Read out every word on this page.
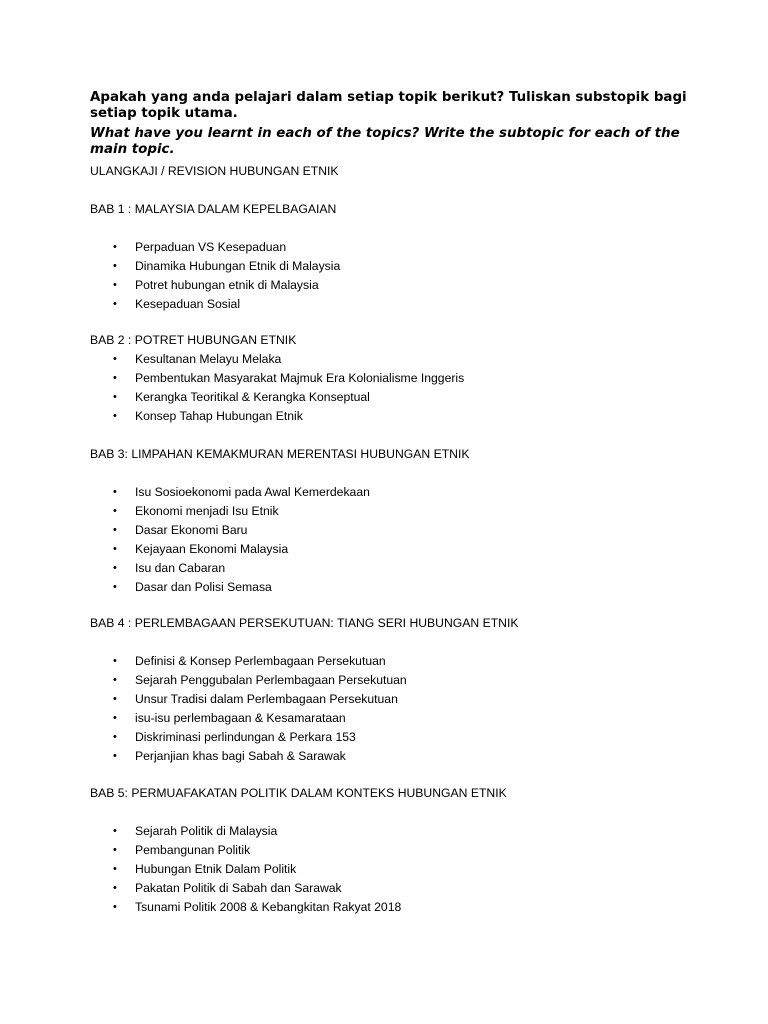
Apakah yang anda pelajari dalam setiap topik berikut? Tuliskan substopik bagi setiap topik utama.

What have you learnt in each of the topics? Write the subtopic for each of the main topic.

ULANGKAJI / REVISION HUBUNGAN ETNIK
BAB 1 : MALAYSIA DALAM KEPELBAGAIAN
• Perpaduan VS Kesepaduan
• Dinamika Hubungan Etnik di Malaysia
• Potret hubungan etnik di Malaysia
• Kesepaduan Sosial
BAB 2 : POTRET HUBUNGAN ETNIK
• Kesultanan Melayu Melaka
• Pembentukan Masyarakat Majmuk Era Kolonialisme Inggeris
• Kerangka Teoritikal & Kerangka Konseptual
• Konsep Tahap Hubungan Etnik
BAB 3: LIMPAHAN KEMAKMURAN MERENTASI HUBUNGAN ETNIK
• Isu Sosioekonomi pada Awal Kemerdekaan
• Ekonomi menjadi Isu Etnik
• Dasar Ekonomi Baru
• Kejayaan Ekonomi Malaysia
• Isu dan Cabaran
• Dasar dan Polisi Semasa
BAB 4 : PERLEMBAGAAN PERSEKUTUAN: TIANG SERI HUBUNGAN ETNIK
• Definisi & Konsep Perlembagaan Persekutuan
• Sejarah Penggubalan Perlembagaan Persekutuan
• Unsur Tradisi dalam Perlembagaan Persekutuan
• isu-isu perlembagaan & Kesamarataan
• Diskriminasi perlindungan & Perkara 153
• Perjanjian khas bagi Sabah & Sarawak
BAB 5: PERMUAFAKATAN POLITIK DALAM KONTEKS HUBUNGAN ETNIK
• Sejarah Politik di Malaysia
• Pembangunan Politik
• Hubungan Etnik Dalam Politik
• Pakatan Politik di Sabah dan Sarawak
• Tsunami Politik 2008 & Kebangkitan Rakyat 2018
